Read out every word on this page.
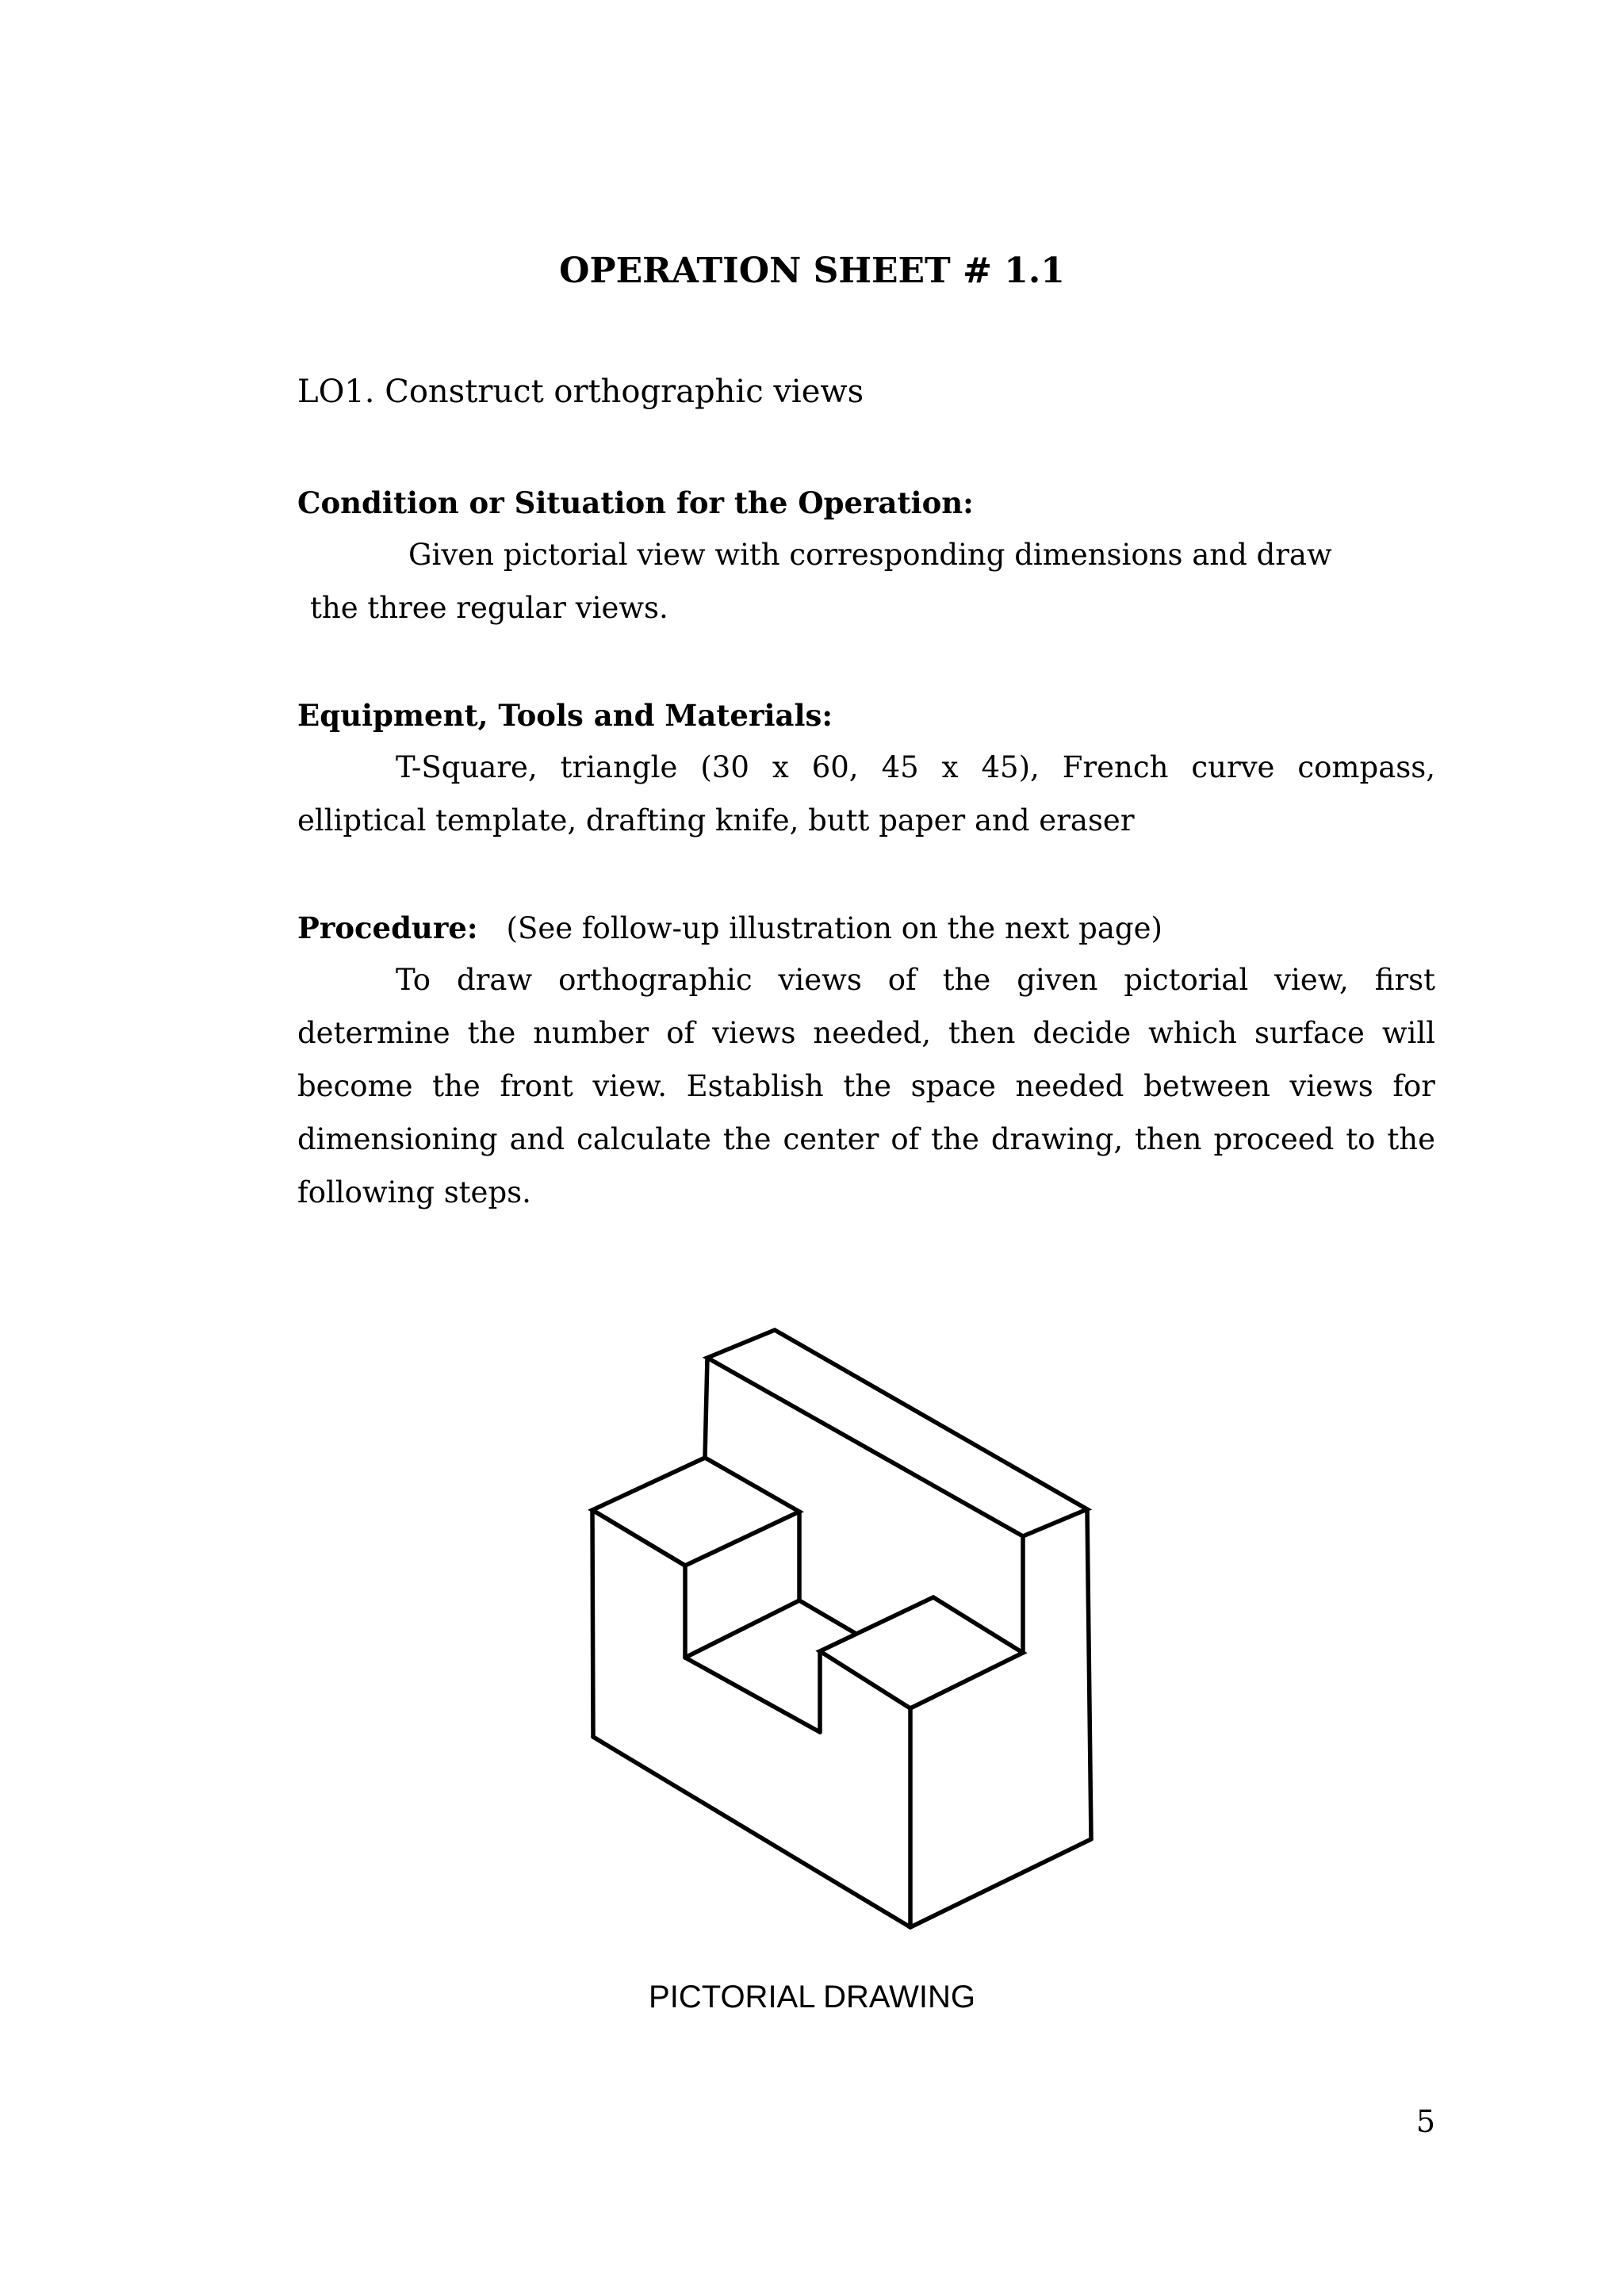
OPERATION SHEET # 1.1

LO1. Construct orthographic views

Condition or Situation for the Operation:

Given pictorial view with corresponding dimensions and draw the three regular views.

Equipment, Tools and Materials:

T-Square, triangle (30 x 60, 45 x 45), French curve compass, elliptical template, drafting knife, butt paper and eraser

Procedure: (See follow-up illustration on the next page)

To draw orthographic views of the given pictorial view, first determine the number of views needed, then decide which surface will become the front view. Establish the space needed between views for dimensioning and calculate the center of the drawing, then proceed to the following steps.

PICTORIAL DRAWING

5
